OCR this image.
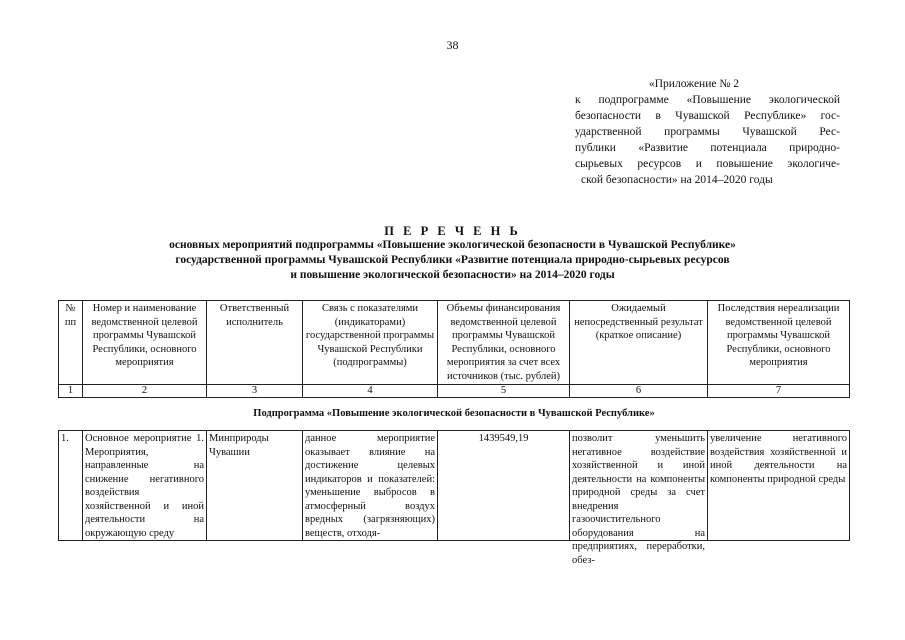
38
«Приложение № 2
к подпрограмме «Повышение экологической
безопасности в Чувашской Республике» гос-
ударственной программы Чувашской Рес-
публики «Развитие потенциала природно-
сырьевых ресурсов и повышение экологиче-
ской безопасности» на 2014–2020 годы
П Е Р Е Ч Е Н Ь
основных мероприятий подпрограммы «Повышение экологической безопасности в Чувашской Республике»
государственной программы Чувашской Республики «Развитие потенциала природно-сырьевых ресурсов
и повышение экологической безопасности» на 2014–2020 годы
№ пп	Номер и наименование ведомственной целевой программы Чувашской Республики, основного мероприятия	Ответственный исполнитель	Связь с показателями (индикаторами) государственной программы Чувашской Республики (подпрограммы)	Объемы финансирования ведомственной целевой программы Чувашской Республики, основного мероприятия за счет всех источников (тыс. рублей)	Ожидаемый непосредственный результат (краткое описание)	Последствия нереализации ведомственной целевой программы Чувашской Республики, основного мероприятия
1	2	3	4	5	6	7
Подпрограмма «Повышение экологической безопасности в Чувашской Республике»						

1.	Основное мероприятие 1. Мероприятия, направленные на снижение негативного воздействия хозяйственной и иной деятельности на окружающую среду	Минприроды Чувашии	данное мероприятие оказывает влияние на достижение целевых индикаторов и показателей: уменьшение выбросов в атмосферный воздух вредных (загрязняющих) веществ, отходя-	1439549,19	позволит уменьшить негативное воздействие хозяйственной и иной деятельности на компоненты природной среды за счет внедрения газоочистительного оборудования на предприятиях, переработки, обез-	увеличение негативного воздействия хозяйственной и иной деятельности на компоненты природной среды
